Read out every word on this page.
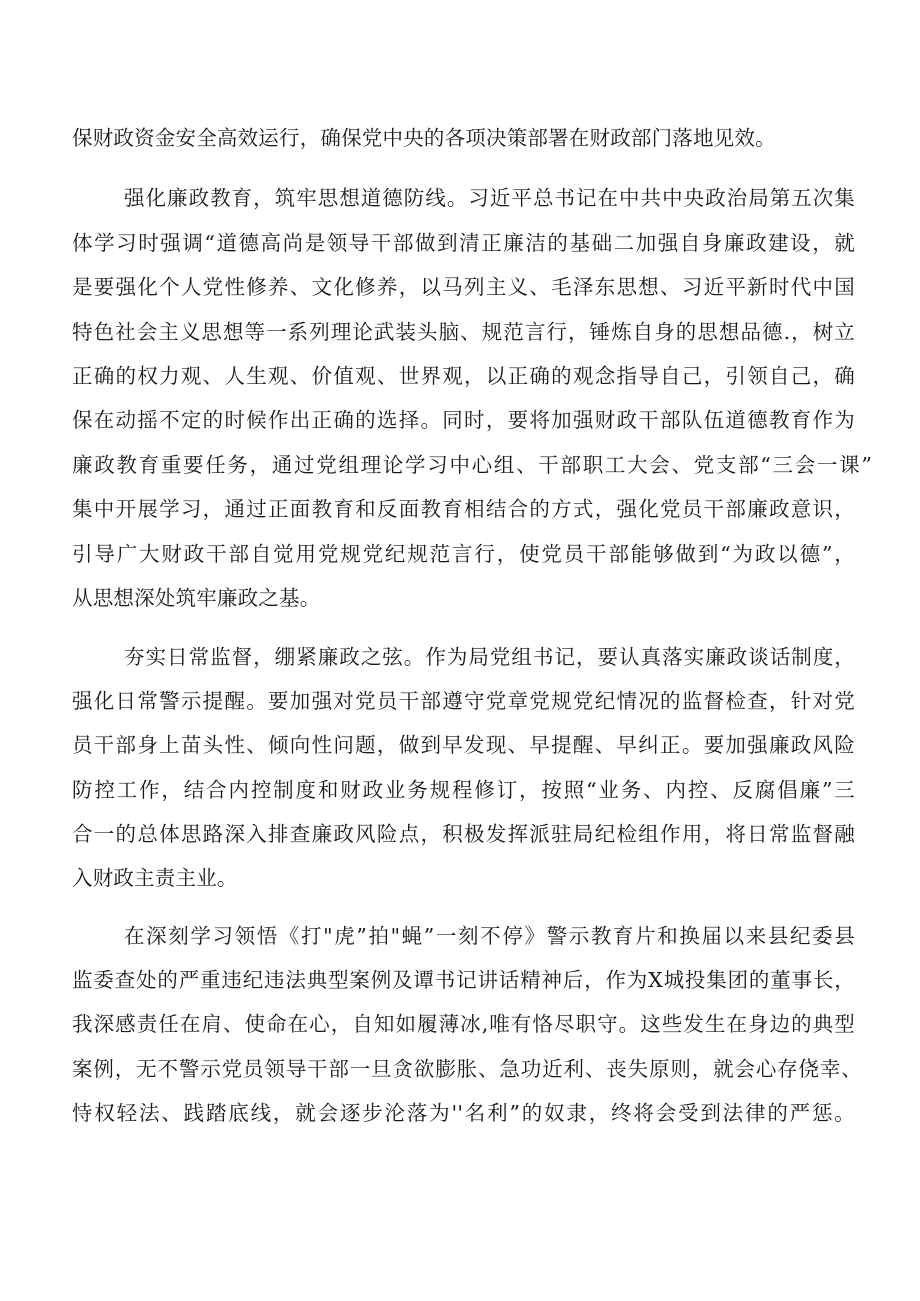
保财政资金安全高效运行，确保党中央的各项决策部署在财政部门落地见效。
强化廉政教育，筑牢思想道德防线。习近平总书记在中共中央政治局第五次集
体学习时强调“道德高尚是领导干部做到清正廉洁的基础二加强自身廉政建设，就
是要强化个人党性修养、文化修养，以马列主义、毛泽东思想、习近平新时代中国
特色社会主义思想等一系列理论武装头脑、规范言行，锤炼自身的思想品德.，树立
正确的权力观、人生观、价值观、世界观，以正确的观念指导自己，引领自己，确
保在动摇不定的时候作出正确的选择。同时，要将加强财政干部队伍道德教育作为
廉政教育重要任务，通过党组理论学习中心组、干部职工大会、党支部“三会一课”
集中开展学习，通过正面教育和反面教育相结合的方式，强化党员干部廉政意识，
引导广大财政干部自觉用党规党纪规范言行，使党员干部能够做到“为政以德”，
从思想深处筑牢廉政之基。
夯实日常监督，绷紧廉政之弦。作为局党组书记，要认真落实廉政谈话制度，
强化日常警示提醒。要加强对党员干部遵守党章党规党纪情况的监督检查，针对党
员干部身上苗头性、倾向性问题，做到早发现、早提醒、早纠正。要加强廉政风险
防控工作，结合内控制度和财政业务规程修订，按照“业务、内控、反腐倡廉”三
合一的总体思路深入排查廉政风险点，积极发挥派驻局纪检组作用，将日常监督融
入财政主责主业。
在深刻学习领悟《打"虎”拍"蝇”一刻不停》警示教育片和换届以来县纪委县
监委查处的严重违纪违法典型案例及谭书记讲话精神后，作为X城投集团的董事长，
我深感责任在肩、使命在心，自知如履薄冰,唯有恪尽职守。这些发生在身边的典型
案例，无不警示党员领导干部一旦贪欲膨胀、急功近利、丧失原则，就会心存侥幸、
恃权轻法、践踏底线，就会逐步沦落为''名利”的奴隶，终将会受到法律的严惩。
